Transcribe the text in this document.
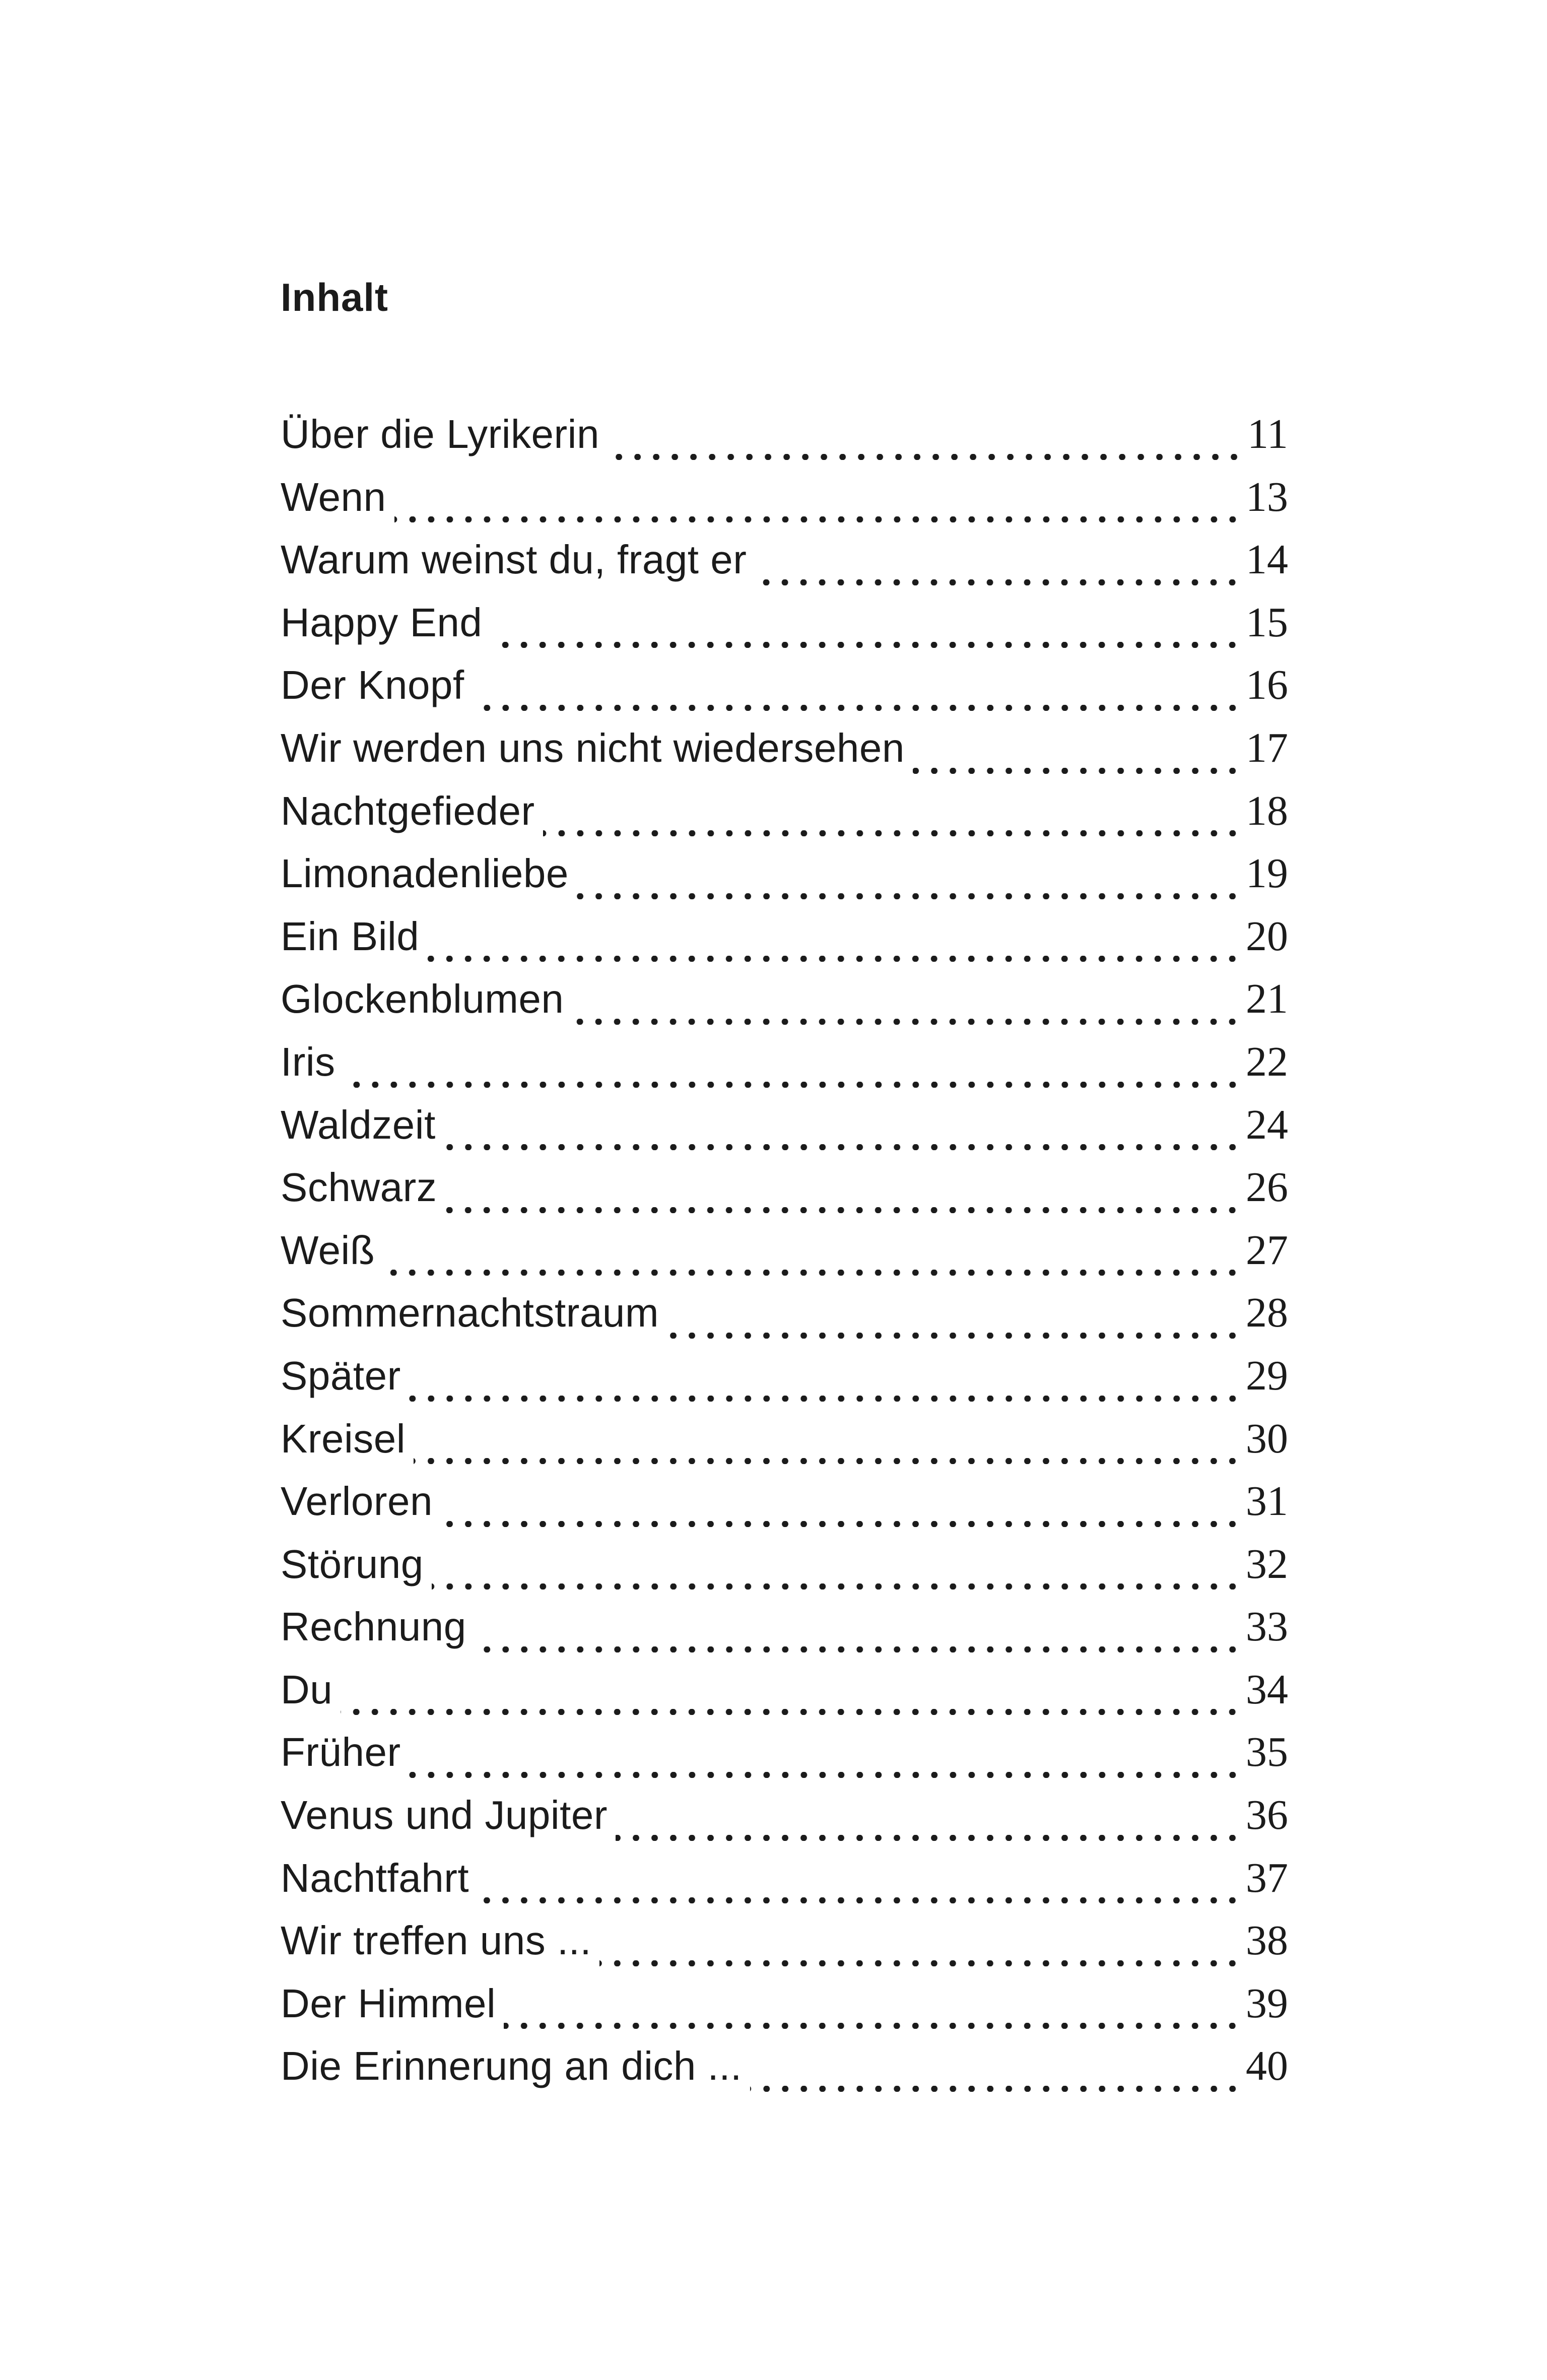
Inhalt
Über die Lyrikerin	11
Wenn	13
Warum weinst du, fragt er	14
Happy End	15
Der Knopf	16
Wir werden uns nicht wiedersehen	17
Nachtgefieder	18
Limonadenliebe	19
Ein Bild	20
Glockenblumen	21
Iris	22
Waldzeit	24
Schwarz	26
Weiß	27
Sommernachtstraum	28
Später	29
Kreisel	30
Verloren	31
Störung	32
Rechnung	33
Du	34
Früher	35
Venus und Jupiter	36
Nachtfahrt	37
Wir treffen uns ...	38
Der Himmel	39
Die Erinnerung an dich ...	40
